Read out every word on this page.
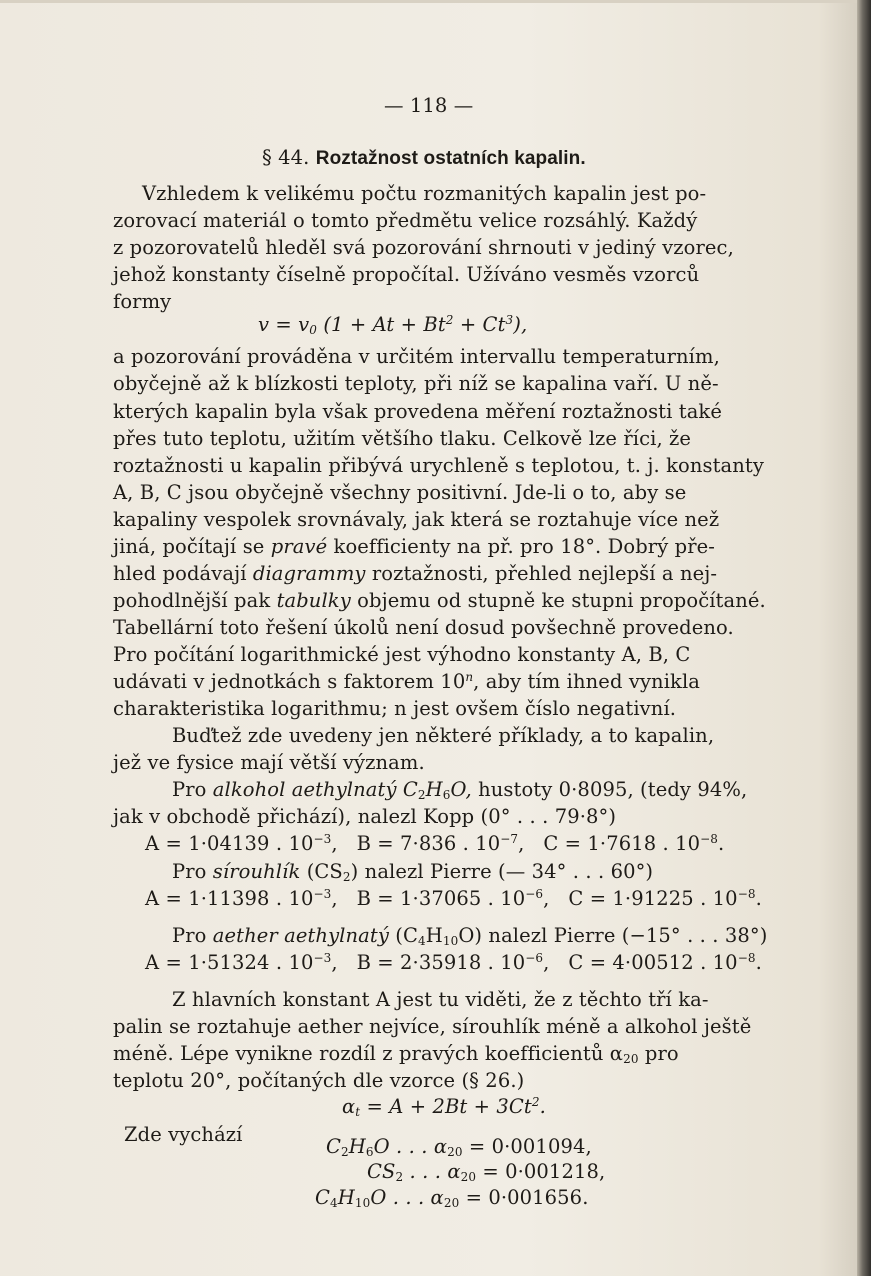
— 118 —
§ 44. Roztažnost ostatních kapalin.
Vzhledem k velikému počtu rozmanitých kapalin jest po-
zorovací materiál o tomto předmětu velice rozsáhlý. Každý
z pozorovatelů hleděl svá pozorování shrnouti v jediný vzorec,
jehož konstanty číselně propočítal. Užíváno vesměs vzorců
formy
$v = v_0$ $(1 + At + Bt^2 + Ct^3)$,
a pozorování prováděna v určitém intervallu temperaturním,
obyčejně až k blízkosti teploty, při níž se kapalina vaří. U ně-
kterých kapalin byla však provedena měření roztažnosti také
přes tuto teplotu, užitím většího tlaku. Celkově lze říci, že
roztažnosti u kapalin přibývá urychleně s teplotou, t. j. konstanty
A, B, C jsou obyčejně všechny positivní. Jde-li o to, aby se
kapaliny vespolek srovnávaly, jak která se roztahuje více než
jiná, počítají se pravé koefficienty na př. pro 18°. Dobrý pře-
hled podávají diagrammy roztažnosti, přehled nejlepší a nej-
pohodlnější pak tabulky objemu od stupně ke stupni propočítané.
Tabellární toto řešení úkolů není dosud povšechně provedeno.
Pro počítání logarithmické jest výhodno konstanty A, B, C
udávati v jednotkách s faktorem 10$^n$, aby tím ihned vynikla
charakteristika logarithmu; n jest ovšem číslo negativní.
Buďtež zde uvedeny jen některé příklady, a to kapalin,
jež ve fysice mají větší význam.
Pro alkohol aethylnatý $C_2H_6O$, hustoty 0·8095, (tedy 94%,
jak v obchodě přichází), nalezl Kopp (0° . . . 79·8°)
A = 1·04139 . $10^{-3}$,   B = 7·836 . $10^{-7}$,   C = 1·7618 . $10^{-8}$.
Pro sírouhlík $(CS_2)$ nalezl Pierre (— 34° . . . 60°)
A = 1·11398 . $10^{-3}$,   B = 1·37065 . $10^{-6}$,   C = 1·91225 . $10^{-8}$.
Pro aether aethylnatý $(C_4H_{10}O)$ nalezl Pierre (−15° . . . 38°)
A = 1·51324 . $10^{-3}$,   B = 2·35918 . $10^{-6}$,   C = 4·00512 . $10^{-8}$.
Z hlavních konstant A jest tu viděti, že z těchto tří ka-
palin se roztahuje aether nejvíce, sírouhlík méně a alkohol ještě
méně. Lépe vynikne rozdíl z pravých koefficientů $\alpha_{20}$ pro
teplotu 20°, počítaných dle vzorce (§ 26.)
$\alpha_t = A + 2Bt + 3Ct^2$.
Zde vychází
$C_2H_6O$ . . . $\alpha_{20} = 0\cdot 001094$,
$CS_2$ . . . $\alpha_{20} = 0\cdot 001218$,
$C_4H_{10}O$ . . . $\alpha_{20} = 0\cdot 001656$.
